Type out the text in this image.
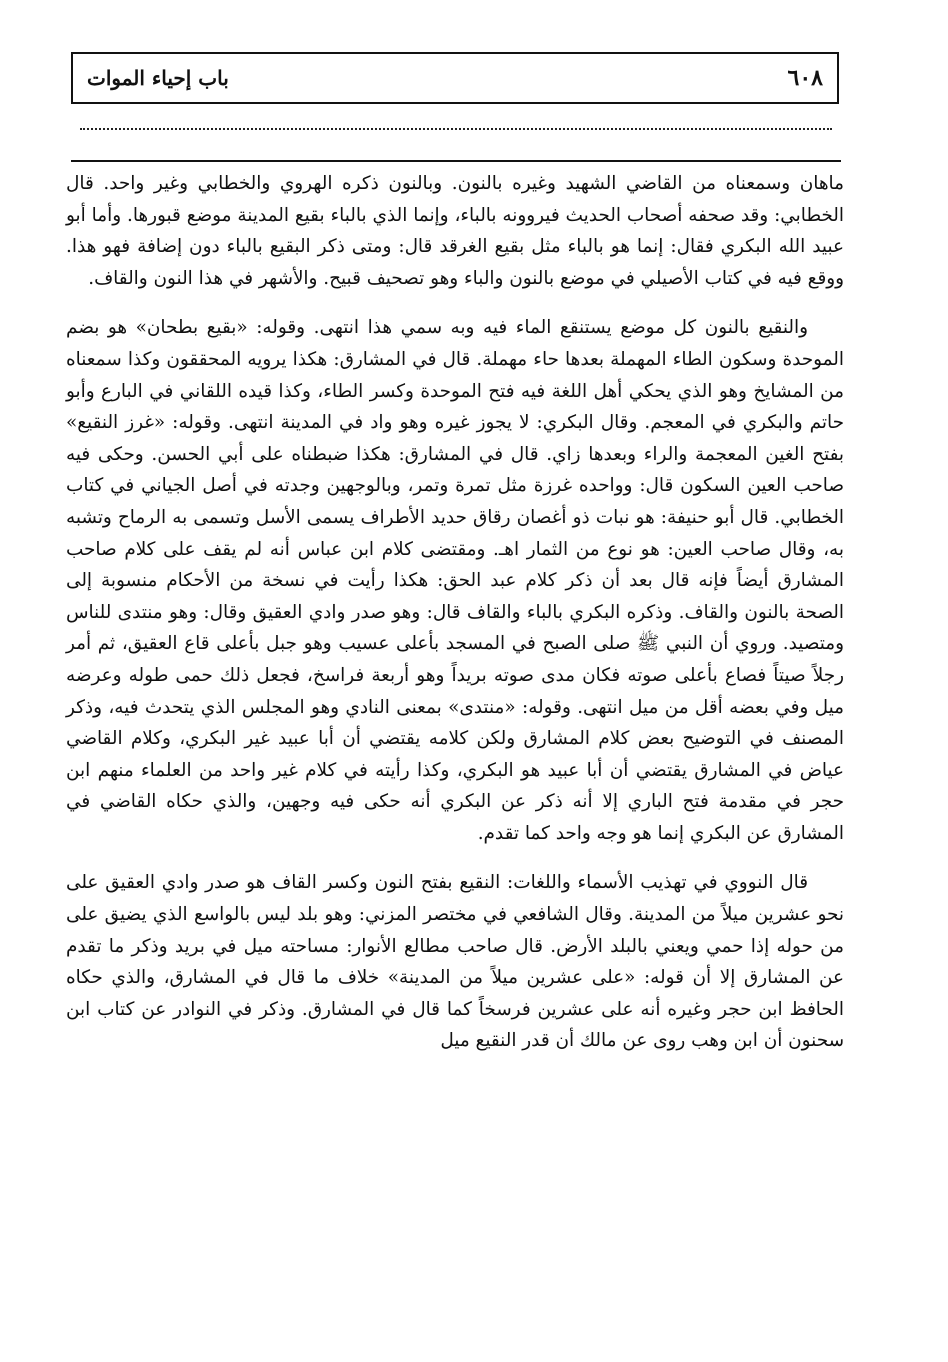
٦٠٨
باب إحياء الموات

ماهان وسمعناه من القاضي الشهيد وغيره بالنون. وبالنون ذكره الهروي والخطابي وغير واحد. قال الخطابي: وقد صحفه أصحاب الحديث فيروونه بالباء، وإنما الذي بالباء بقيع المدينة موضع قبورها. وأما أبو عبيد الله البكري فقال: إنما هو بالباء مثل بقيع الغرقد قال: ومتى ذكر البقيع بالباء دون إضافة فهو هذا. ووقع فيه في كتاب الأصيلي في موضع بالنون والباء وهو تصحيف قبيح. والأشهر في هذا النون والقاف.

والنقيع بالنون كل موضع يستنقع الماء فيه وبه سمي هذا انتهى. وقوله: «بقيع بطحان» هو بضم الموحدة وسكون الطاء المهملة بعدها حاء مهملة. قال في المشارق: هكذا يرويه المحققون وكذا سمعناه من المشايخ وهو الذي يحكي أهل اللغة فيه فتح الموحدة وكسر الطاء، وكذا قيده اللقاني في البارع وأبو حاتم والبكري في المعجم. وقال البكري: لا يجوز غيره وهو واد في المدينة انتهى. وقوله: «غرز النقيع» بفتح الغين المعجمة والراء وبعدها زاي. قال في المشارق: هكذا ضبطناه على أبي الحسن. وحكى فيه صاحب العين السكون قال: وواحده غرزة مثل تمرة وتمر، وبالوجهين وجدته في أصل الجياني في كتاب الخطابي. قال أبو حنيفة: هو نبات ذو أغصان رقاق حديد الأطراف يسمى الأسل وتسمى به الرماح وتشبه به، وقال صاحب العين: هو نوع من الثمار اهـ. ومقتضى كلام ابن عباس أنه لم يقف على كلام صاحب المشارق أيضاً فإنه قال بعد أن ذكر كلام عبد الحق: هكذا رأيت في نسخة من الأحكام منسوبة إلى الصحة بالنون والقاف. وذكره البكري بالباء والقاف قال: وهو صدر وادي العقيق وقال: وهو منتدى للناس ومتصيد. وروي أن النبي ﷺ صلى الصبح في المسجد بأعلى عسيب وهو جبل بأعلى قاع العقيق، ثم أمر رجلاً صيتاً فصاع بأعلى صوته فكان مدى صوته بريداً وهو أربعة فراسخ، فجعل ذلك حمى طوله وعرضه ميل وفي بعضه أقل من ميل انتهى. وقوله: «منتدى» بمعنى النادي وهو المجلس الذي يتحدث فيه، وذكر المصنف في التوضيح بعض كلام المشارق ولكن كلامه يقتضي أن أبا عبيد غير البكري، وكلام القاضي عياض في المشارق يقتضي أن أبا عبيد هو البكري، وكذا رأيته في كلام غير واحد من العلماء منهم ابن حجر في مقدمة فتح الباري إلا أنه ذكر عن البكري أنه حكى فيه وجهين، والذي حكاه القاضي في المشارق عن البكري إنما هو وجه واحد كما تقدم.

قال النووي في تهذيب الأسماء واللغات: النقيع بفتح النون وكسر القاف هو صدر وادي العقيق على نحو عشرين ميلاً من المدينة. وقال الشافعي في مختصر المزني: وهو بلد ليس بالواسع الذي يضيق على من حوله إذا حمي ويعني بالبلد الأرض. قال صاحب مطالع الأنوار: مساحته ميل في بريد وذكر ما تقدم عن المشارق إلا أن قوله: «على عشرين ميلاً من المدينة» خلاف ما قال في المشارق، والذي حكاه الحافظ ابن حجر وغيره أنه على عشرين فرسخاً كما قال في المشارق. وذكر في النوادر عن كتاب ابن سحنون أن ابن وهب روى عن مالك أن قدر النقيع ميل
